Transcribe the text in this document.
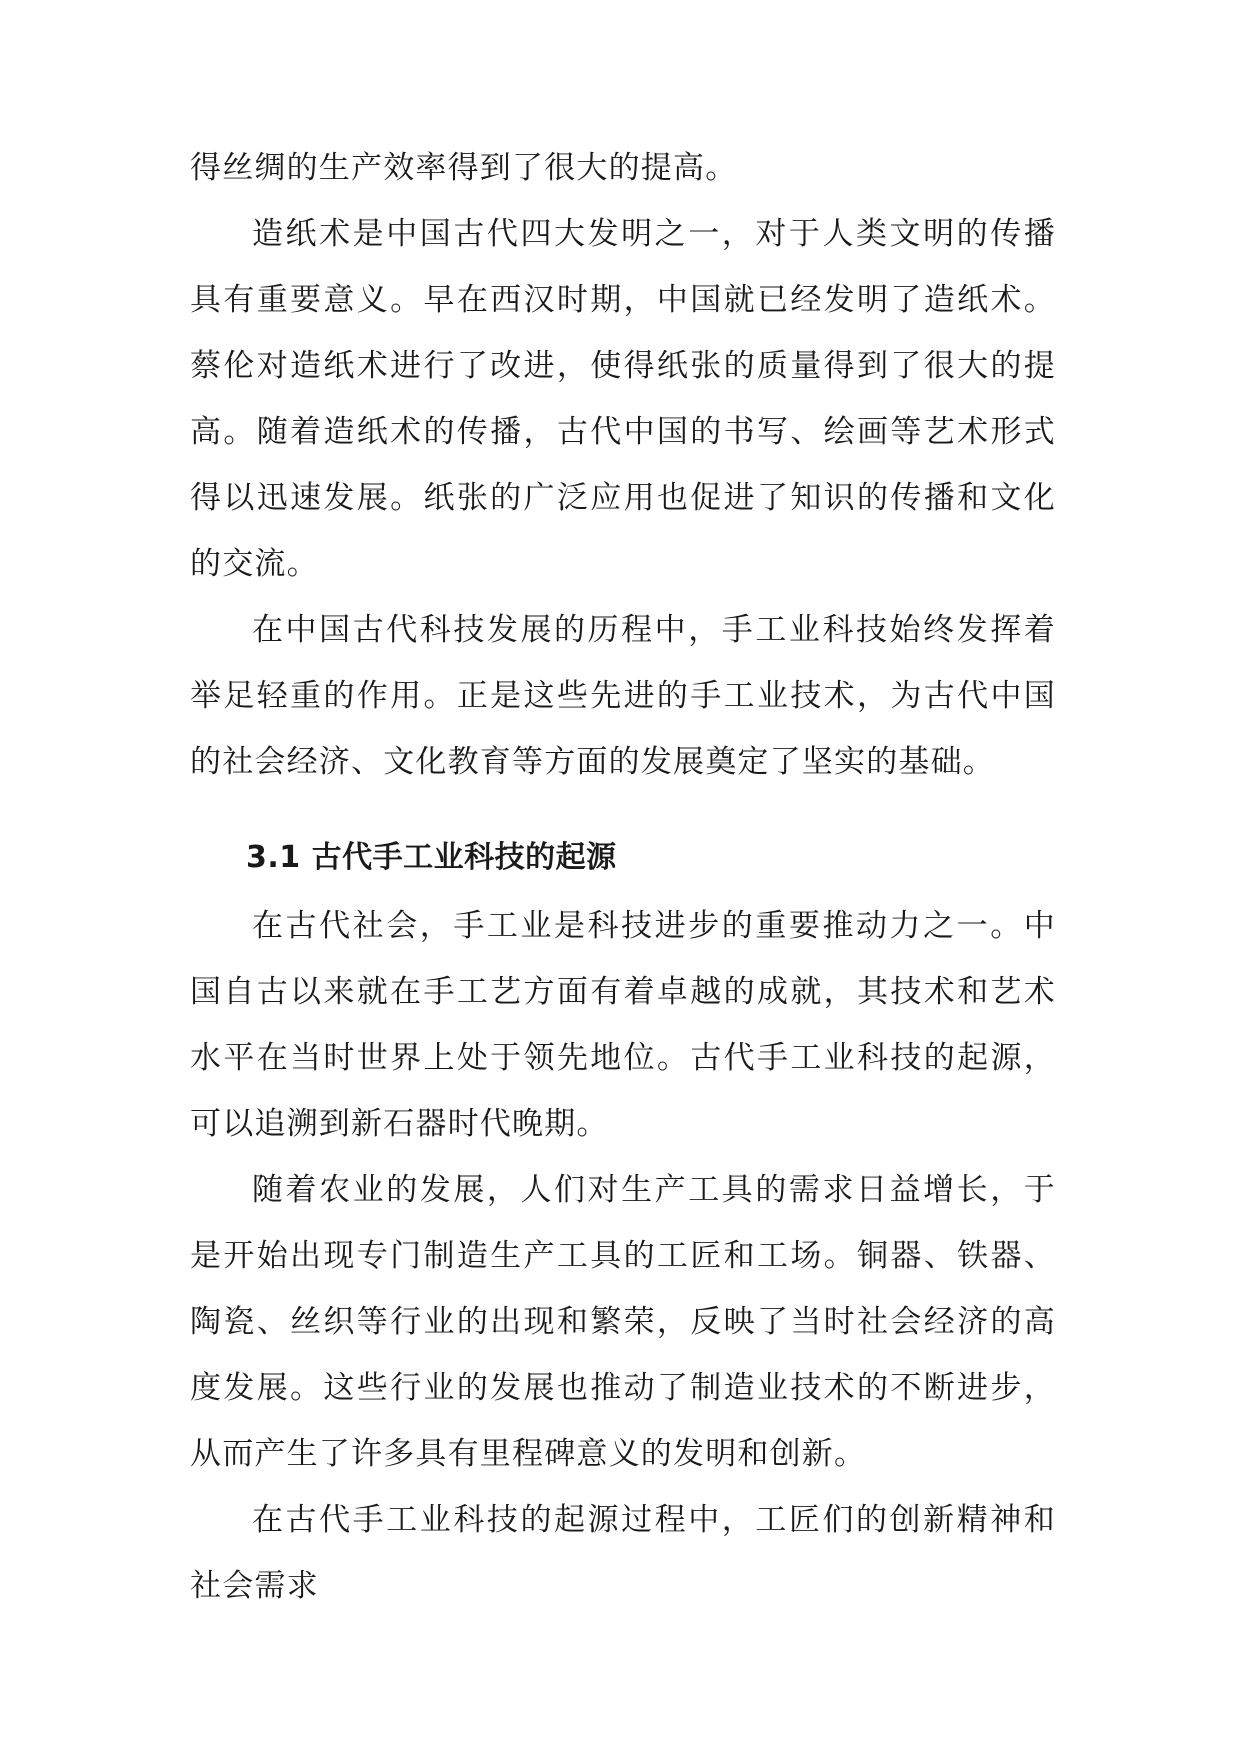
得丝绸的生产效率得到了很大的提高。

造纸术是中国古代四大发明之一，对于人类文明的传播具有重要意义。早在西汉时期，中国就已经发明了造纸术。蔡伦对造纸术进行了改进，使得纸张的质量得到了很大的提高。随着造纸术的传播，古代中国的书写、绘画等艺术形式得以迅速发展。纸张的广泛应用也促进了知识的传播和文化的交流。

在中国古代科技发展的历程中，手工业科技始终发挥着举足轻重的作用。正是这些先进的手工业技术，为古代中国的社会经济、文化教育等方面的发展奠定了坚实的基础。

3.1 古代手工业科技的起源

在古代社会，手工业是科技进步的重要推动力之一。中国自古以来就在手工艺方面有着卓越的成就，其技术和艺术水平在当时世界上处于领先地位。古代手工业科技的起源，可以追溯到新石器时代晚期。

随着农业的发展，人们对生产工具的需求日益增长，于是开始出现专门制造生产工具的工匠和工场。铜器、铁器、陶瓷、丝织等行业的出现和繁荣，反映了当时社会经济的高度发展。这些行业的发展也推动了制造业技术的不断进步，从而产生了许多具有里程碑意义的发明和创新。

在古代手工业科技的起源过程中，工匠们的创新精神和社会需求
